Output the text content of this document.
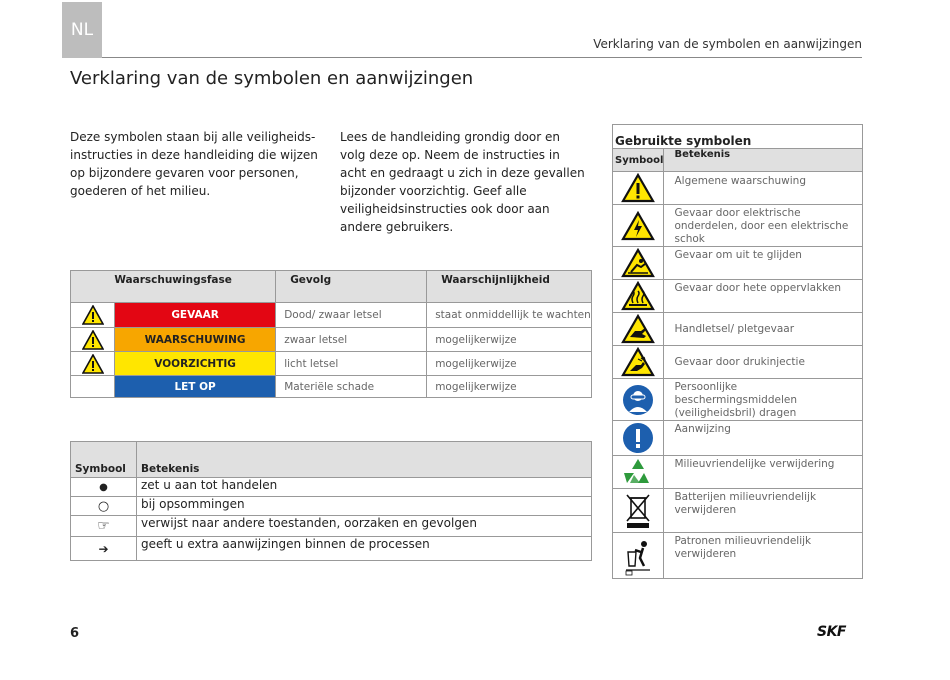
NL
Verklaring van de symbolen en aanwijzingen
Verklaring van de symbolen en aanwijzingen
Deze symbolen staan bij alle veiligheids-instructies in deze handleiding die wijzen op bijzondere gevaren voor personen, goederen of het milieu.
Lees de handleiding grondig door en volg deze op. Neem de instructies in acht en gedraagt u zich in deze gevallen bijzonder voorzichtig. Geef alle veiligheidsinstructies ook door aan andere gebruikers.
Waarschuwingsfase		Gevolg	Waarschijnlijkheid
	GEVAAR	Dood/ zwaar letsel	staat onmiddellijk te wachten
	WAARSCHUWING	zwaar letsel	mogelijkerwijze
	VOORZICHTIG	licht letsel	mogelijkerwijze
	LET OP	Materiële schade	mogelijkerwijze
Symbool	Betekenis
●	zet u aan tot handelen
○	bij opsommingen
☞	verwijst naar andere toestanden, oorzaken en gevolgen
➔	geeft u extra aanwijzingen binnen de processen
Gebruikte symbolen	
Symbool	Betekenis
	Algemene waarschuwing
	Gevaar door elektrische onderdelen, door een elektrische schok
	Gevaar om uit te glijden
	Gevaar door hete oppervlakken
	Handletsel/ pletgevaar
	Gevaar door drukinjectie
	Persoonlijke beschermingsmiddelen (veiligheidsbril) dragen
	Aanwijzing
	Milieuvriendelijke verwijdering
	Batterijen milieuvriendelijk verwijderen
	Patronen milieuvriendelijk verwijderen
6	SKF
